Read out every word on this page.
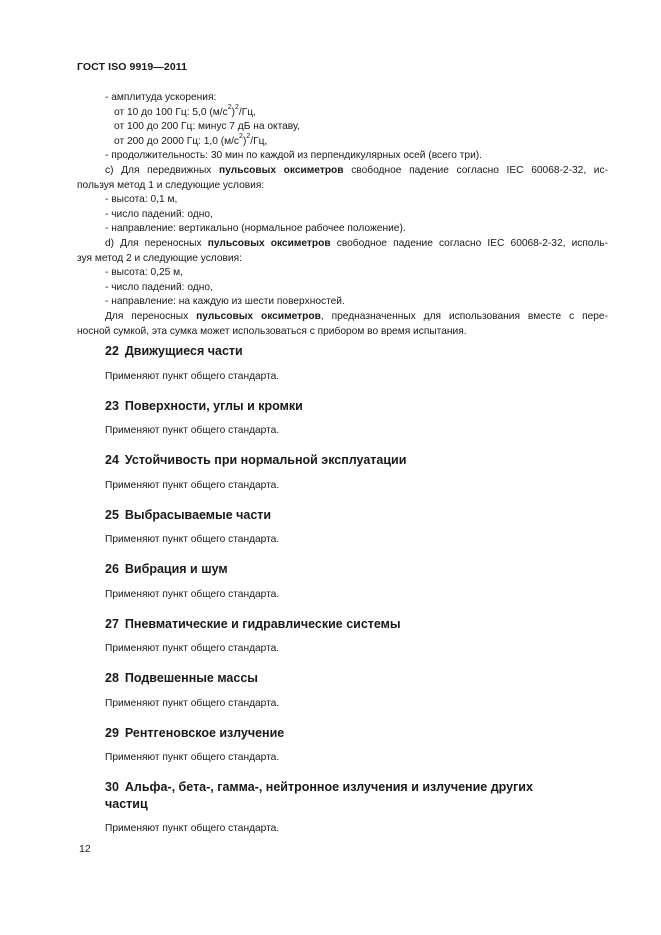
ГОСТ ISO 9919—2011
- амплитуда ускорения:
от 10 до 100 Гц: 5,0 $(м/с^2)^2/Гц$,
от 100 до 200 Гц: минус 7 дБ на октаву,
от 200 до 2000 Гц: 1,0 $(м/с^2)^2/Гц$,
- продолжительность: 30 мин по каждой из перпендикулярных осей (всего три).
c) Для передвижных пульсовых оксиметров свободное падение согласно IEC 60068-2-32, ис-
пользуя метод 1 и следующие условия:
- высота: 0,1 м,
- число падений: одно,
- направление: вертикально (нормальное рабочее положение).
d) Для переносных пульсовых оксиметров свободное падение согласно IEC 60068-2-32, исполь-
зуя метод 2 и следующие условия:
- высота: 0,25 м,
- число падений: одно,
- направление: на каждую из шести поверхностей.
Для переносных пульсовых оксиметров, предназначенных для использования вместе с пере-
носной сумкой, эта сумка может использоваться с прибором во время испытания.
22 Движущиеся части
Применяют пункт общего стандарта.
23 Поверхности, углы и кромки
Применяют пункт общего стандарта.
24 Устойчивость при нормальной эксплуатации
Применяют пункт общего стандарта.
25 Выбрасываемые части
Применяют пункт общего стандарта.
26 Вибрация и шум
Применяют пункт общего стандарта.
27 Пневматические и гидравлические системы
Применяют пункт общего стандарта.
28 Подвешенные массы
Применяют пункт общего стандарта.
29 Рентгеновское излучение
Применяют пункт общего стандарта.
30 Альфа-, бета-, гамма-, нейтронное излучения и излучение других
частиц
Применяют пункт общего стандарта.
12
